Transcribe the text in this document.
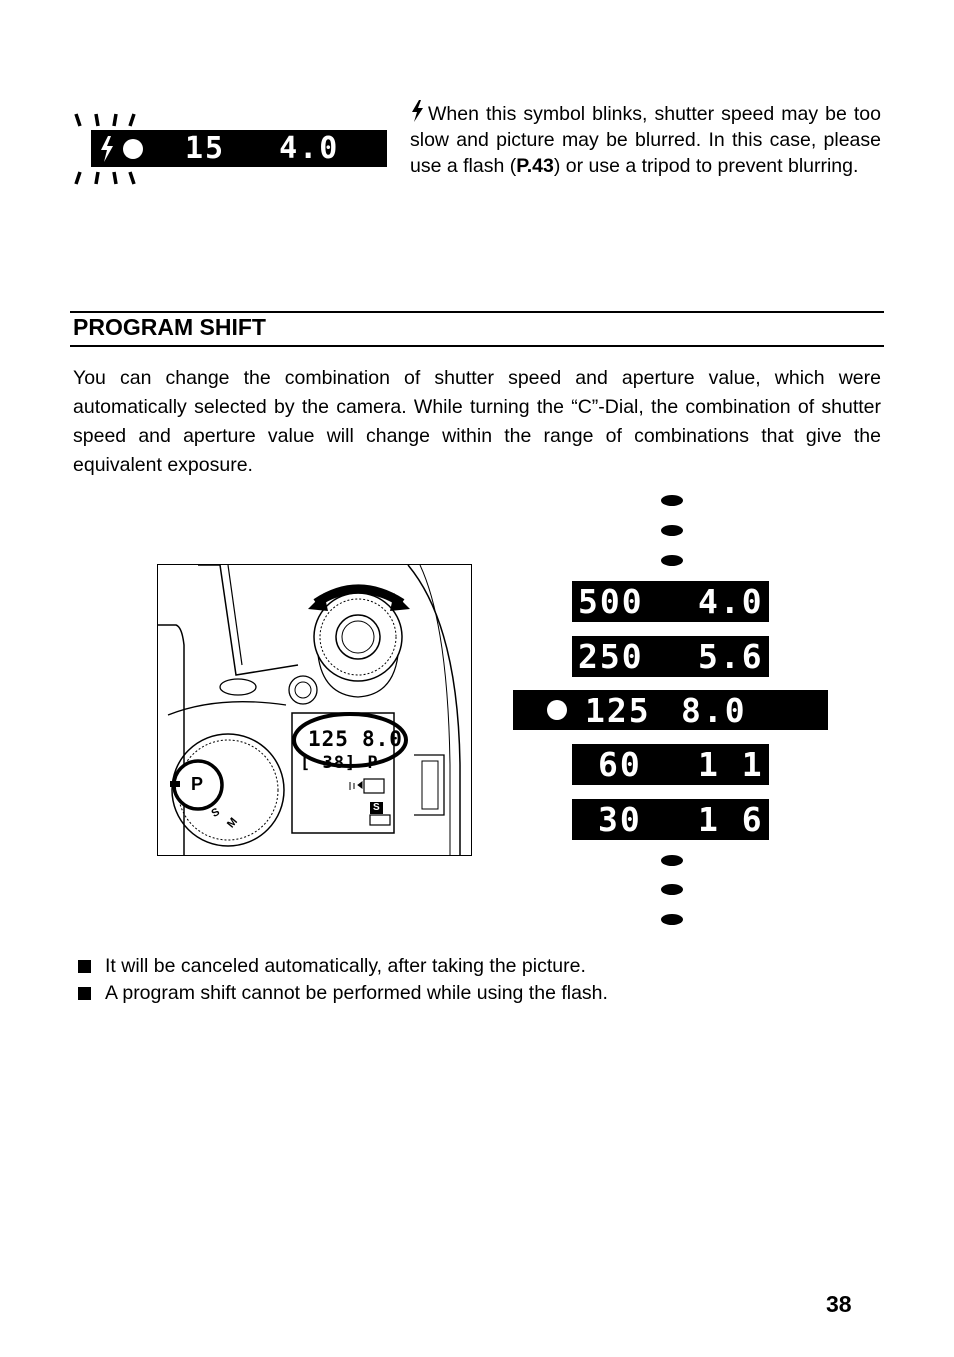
15 4.0
When this symbol blinks, shutter speed may be too slow and picture may be blurred. In this case, please use a flash (P.43) or use a tripod to prevent blurring.
PROGRAM SHIFT
You can change the combination of shutter speed and aperture value, which were automatically selected by the camera. While turning the “C”-Dial, the combination of shutter speed and aperture value will change within the range of combinations that give the equivalent exposure.
125 8.0
[ 38] P
P
S
M
S
500	4.0
250	5.6
125 8.0
60	1 1
30	1 6
It will be canceled automatically, after taking the picture.
A program shift cannot be performed while using the flash.
38
